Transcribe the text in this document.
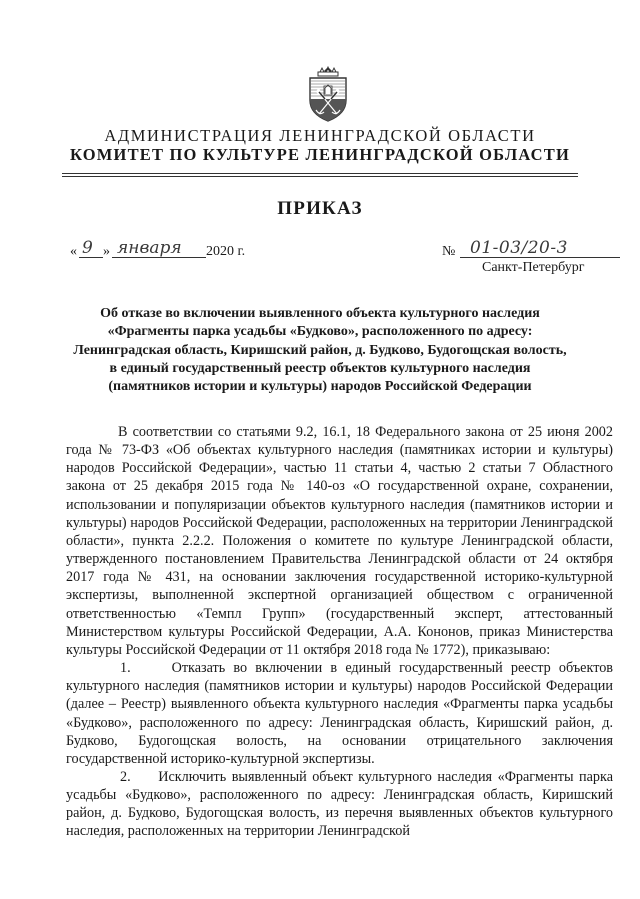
АДМИНИСТРАЦИЯ ЛЕНИНГРАДСКОЙ ОБЛАСТИ
КОМИТЕТ ПО КУЛЬТУРЕ ЛЕНИНГРАДСКОЙ ОБЛАСТИ
ПРИКАЗ
« 9 » января 2020 г.	№ 01-03/20-3
Санкт-Петербург
Об отказе во включении выявленного объекта культурного наследия
«Фрагменты парка усадьбы «Будково», расположенного по адресу:
Ленинградская область, Киришский район, д. Будково, Будогощская волость,
в единый государственный реестр объектов культурного наследия
(памятников истории и культуры) народов Российской Федерации

В соответствии со статьями 9.2, 16.1, 18 Федерального закона от 25 июня 2002 года № 73-ФЗ «Об объектах культурного наследия (памятниках истории и культуры) народов Российской Федерации», частью 11 статьи 4, частью 2 статьи 7 Областного закона от 25 декабря 2015 года № 140-оз «О государственной охране, сохранении, использовании и популяризации объектов культурного наследия (памятников истории и культуры) народов Российской Федерации, расположенных на территории Ленинградской области», пункта 2.2.2. Положения о комитете по культуре Ленинградской области, утвержденного постановлением Правительства Ленинградской области от 24 октября 2017 года № 431, на основании заключения государственной историко-культурной экспертизы, выполненной экспертной организацией обществом с ограниченной ответственностью «Темпл Групп» (государственный эксперт, аттестованный Министерством культуры Российской Федерации, А.А. Кононов, приказ Министерства культуры Российской Федерации от 11 октября 2018 года № 1772), приказываю:

1.     Отказать во включении в единый государственный реестр объектов культурного наследия (памятников истории и культуры) народов Российской Федерации (далее – Реестр) выявленного объекта культурного наследия «Фрагменты парка усадьбы «Будково», расположенного по адресу: Ленинградская область, Киришский район, д. Будково, Будогощская волость, на основании отрицательного заключения государственной историко-культурной экспертизы.

2.     Исключить выявленный объект культурного наследия «Фрагменты парка усадьбы «Будково», расположенного по адресу: Ленинградская область, Киришский район, д. Будково, Будогощская волость, из перечня выявленных объектов культурного наследия, расположенных на территории Ленинградской
